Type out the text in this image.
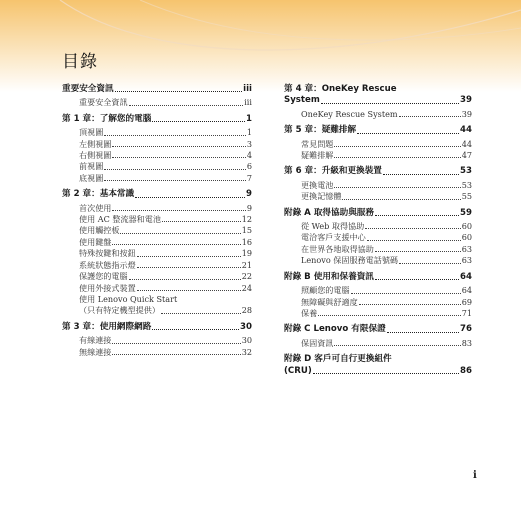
目錄
重要安全資訊	iii
重要安全資訊	iii
第 1 章：了解您的電腦	1
頂視圖	1
左側視圖	3
右側視圖	4
前視圖	6
底視圖	7
第 2 章：基本常識	9
首次使用	9
使用 AC 整流器和電池	12
使用觸控板	15
使用鍵盤	16
特殊按鍵和按鈕	19
系統狀態指示燈	21
保護您的電腦	22
使用外接式裝置	24
使用 Lenovo Quick Start
（只有特定機型提供）	28
第 3 章：使用網際網路	30
有線連接	30
無線連接	32
第 4 章：OneKey Rescue
System	39
OneKey Rescue System	39
第 5 章：疑難排解	44
常見問題	44
疑難排解	47
第 6 章：升級和更換裝置	53
更換電池	53
更換記憶體	55
附錄 A 取得協助與服務	59
從 Web 取得協助	60
電洽客戶支援中心	60
在世界各地取得協助	63
Lenovo 保固服務電話號碼	63
附錄 B 使用和保養資訊	64
照顧您的電腦	64
無障礙與舒適度	69
保養	71
附錄 C Lenovo 有限保證	76
保固資訊	83
附錄 D 客戶可自行更換組件
(CRU)	86
i
